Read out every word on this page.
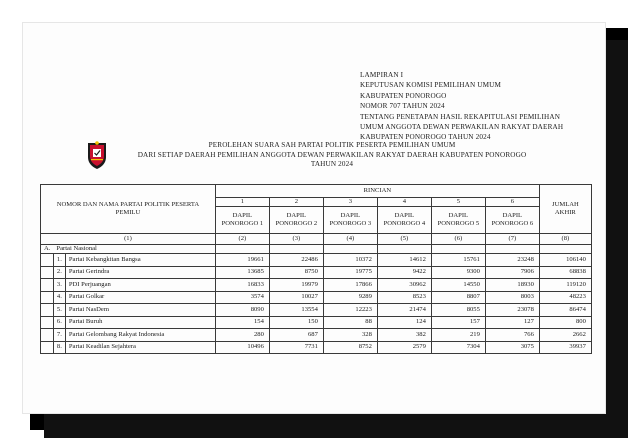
LAMPIRAN I
KEPUTUSAN KOMISI PEMILIHAN UMUM
KABUPATEN PONOROGO
NOMOR 707 TAHUN 2024
TENTANG PENETAPAN HASIL REKAPITULASI PEMILIHAN
UMUM ANGGOTA DEWAN PERWAKILAN RAKYAT DAERAH
KABUPATEN PONOROGO TAHUN 2024
PEROLEHAN SUARA SAH PARTAI POLITIK PESERTA PEMILIHAN UMUM
DARI SETIAP DAERAH PEMILIHAN ANGGOTA DEWAN PERWAKILAN RAKYAT DAERAH KABUPATEN PONOROGO
TAHUN 2024
NOMOR DAN NAMA PARTAI POLITIK PESERTA PEMILU			RINCIAN						JUMLAH AKHIR
			1	2	3	4	5	6	
			DAPIL PONOROGO 1	DAPIL PONOROGO 2	DAPIL PONOROGO 3	DAPIL PONOROGO 4	DAPIL PONOROGO 5	DAPIL PONOROGO 6	
(1)			(2)	(3)	(4)	(5)	(6)	(7)	(8)
A.	Partai Nasional								
	1.	Partai Kebangkitan Bangsa	19661	22486	10372	14612	15761	23248	106140
	2.	Partai Gerindra	13685	8750	19775	9422	9300	7906	68838
	3.	PDI Perjuangan	16833	19979	17866	30962	14550	18930	119120
	4.	Partai Golkar	3574	10027	9289	8523	8807	8003	48223
	5.	Partai NasDem	8090	13554	12223	21474	8055	23078	86474
	6.	Partai Buruh	154	150	88	124	157	127	800
	7.	Partai Gelombang Rakyat Indonesia	280	687	328	382	219	766	2662
	8.	Partai Keadilan Sejahtera	10496	7731	8752	2579	7304	3075	39937
